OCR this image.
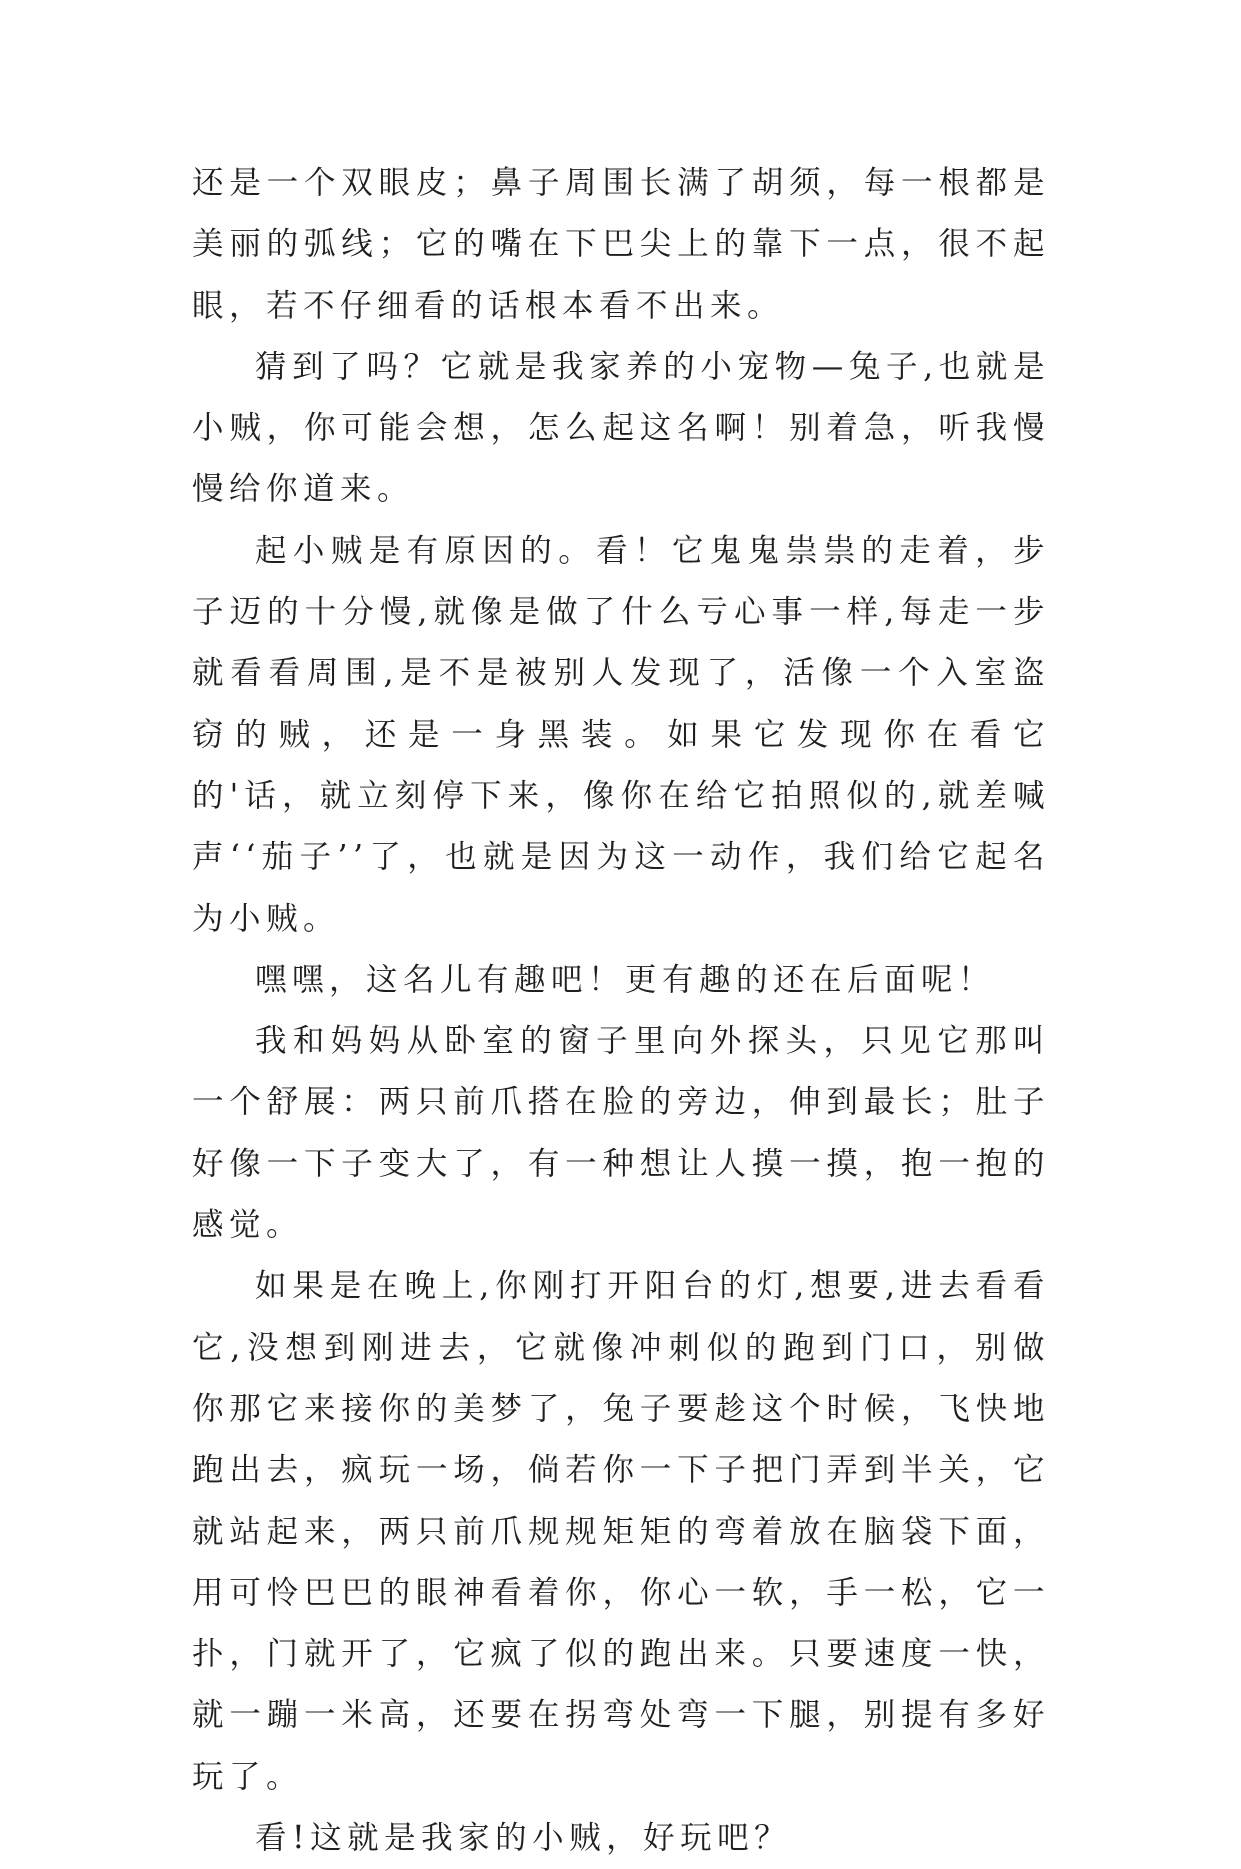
还是一个双眼皮；鼻子周围长满了胡须，每一根都是美丽的弧线；它的嘴在下巴尖上的靠下一点，很不起眼，若不仔细看的话根本看不出来。

猜到了吗？它就是我家养的小宠物—兔子,也就是小贼，你可能会想，怎么起这名啊！别着急，听我慢慢给你道来。

起小贼是有原因的。看！它鬼鬼祟祟的走着，步子迈的十分慢,就像是做了什么亏心事一样,每走一步就看看周围,是不是被别人发现了，活像一个入室盗窃的贼，还是一身黑装。如果它发现你在看它的'话，就立刻停下来，像你在给它拍照似的,就差喊声‘‘茄子’’了，也就是因为这一动作，我们给它起名为小贼。

嘿嘿，这名儿有趣吧！更有趣的还在后面呢！

我和妈妈从卧室的窗子里向外探头，只见它那叫一个舒展：两只前爪搭在脸的旁边，伸到最长；肚子好像一下子变大了，有一种想让人摸一摸，抱一抱的感觉。

如果是在晚上,你刚打开阳台的灯,想要,进去看看它,没想到刚进去，它就像冲刺似的跑到门口，别做你那它来接你的美梦了，兔子要趁这个时候，飞快地跑出去，疯玩一场，倘若你一下子把门弄到半关，它就站起来，两只前爪规规矩矩的弯着放在脑袋下面，用可怜巴巴的眼神看着你，你心一软，手一松，它一扑，门就开了，它疯了似的跑出来。只要速度一快，就一蹦一米高，还要在拐弯处弯一下腿，别提有多好玩了。

看!这就是我家的小贼，好玩吧？
